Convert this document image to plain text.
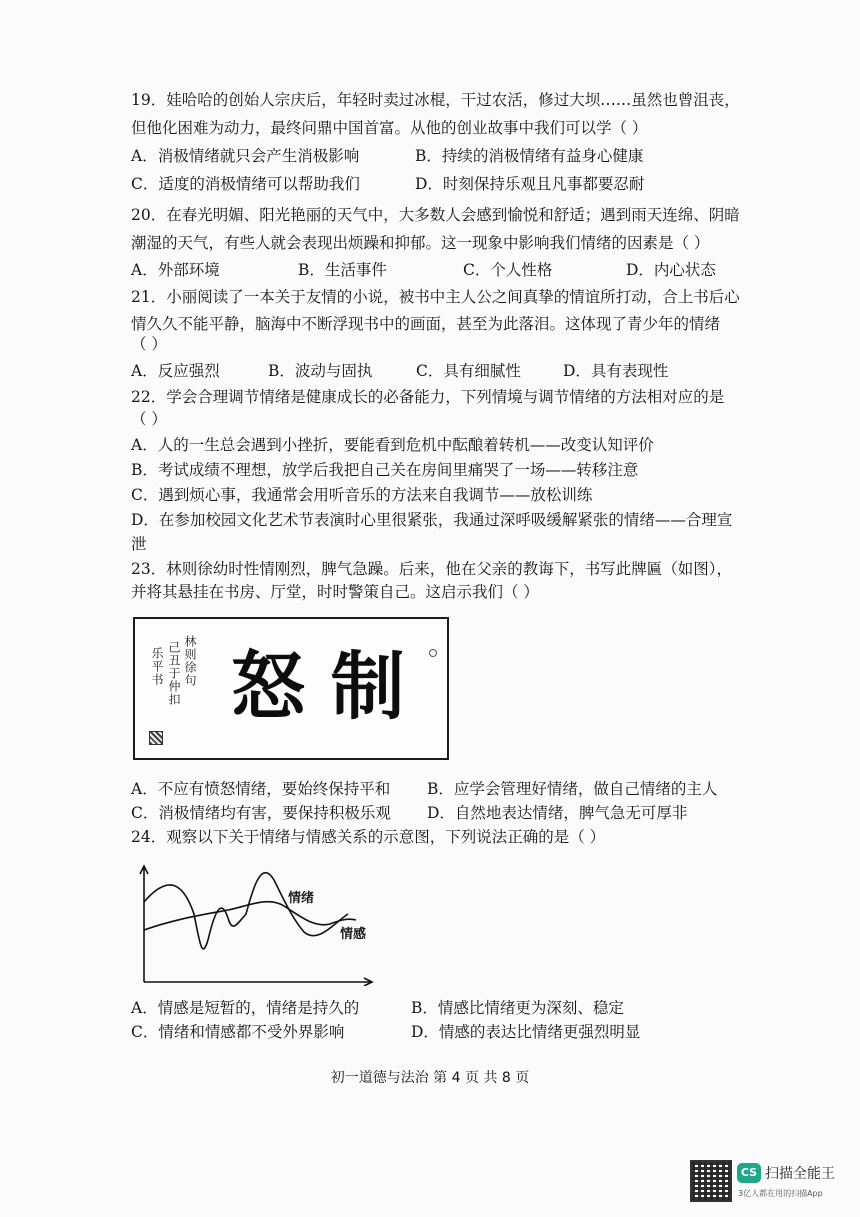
19．娃哈哈的创始人宗庆后，年轻时卖过冰棍，干过农活，修过大坝……虽然也曾沮丧，
但他化困难为动力，最终问鼎中国首富。从他的创业故事中我们可以学（ ）
A．消极情绪就只会产生消极影响	B．持续的消极情绪有益身心健康
C．适度的消极情绪可以帮助我们	D．时刻保持乐观且凡事都要忍耐
20．在春光明媚、阳光艳丽的天气中，大多数人会感到愉悦和舒适；遇到雨天连绵、阴暗
潮湿的天气，有些人就会表现出烦躁和抑郁。这一现象中影响我们情绪的因素是（ ）
A．外部环境	B．生活事件	C．个人性格	D．内心状态
21．小丽阅读了一本关于友情的小说，被书中主人公之间真挚的情谊所打动，合上书后心
情久久不能平静，脑海中不断浮现书中的画面，甚至为此落泪。这体现了青少年的情绪
（ ）
A．反应强烈	B．波动与固执	C．具有细腻性	D．具有表现性
22．学会合理调节情绪是健康成长的必备能力，下列情境与调节情绪的方法相对应的是
（ ）
A．人的一生总会遇到小挫折，要能看到危机中酝酿着转机——改变认知评价
B．考试成绩不理想，放学后我把自己关在房间里痛哭了一场——转移注意
C．遇到烦心事，我通常会用听音乐的方法来自我调节——放松训练
D．在参加校园文化艺术节表演时心里很紧张，我通过深呼吸缓解紧张的情绪——合理宣
泄
23．林则徐幼时性情刚烈，脾气急躁。后来，他在父亲的教诲下，书写此牌匾（如图），
并将其悬挂在书房、厅堂，时时警策自己。这启示我们（ ）
林则徐句
己丑于仲扣
乐平书 怒 制
A．不应有愤怒情绪，要始终保持平和 B．应学会管理好情绪，做自己情绪的主人
C．消极情绪均有害，要保持积极乐观 D．自然地表达情绪，脾气急无可厚非
24．观察以下关于情绪与情感关系的示意图，下列说法正确的是（ ）
情绪
情感
A．情感是短暂的，情绪是持久的	B．情感比情绪更为深刻、稳定
C．情绪和情感都不受外界影响	D．情感的表达比情绪更强烈明显
初一道德与法治 第 4 页 共 8 页
CS 扫描全能王
3亿人都在用的扫描App
